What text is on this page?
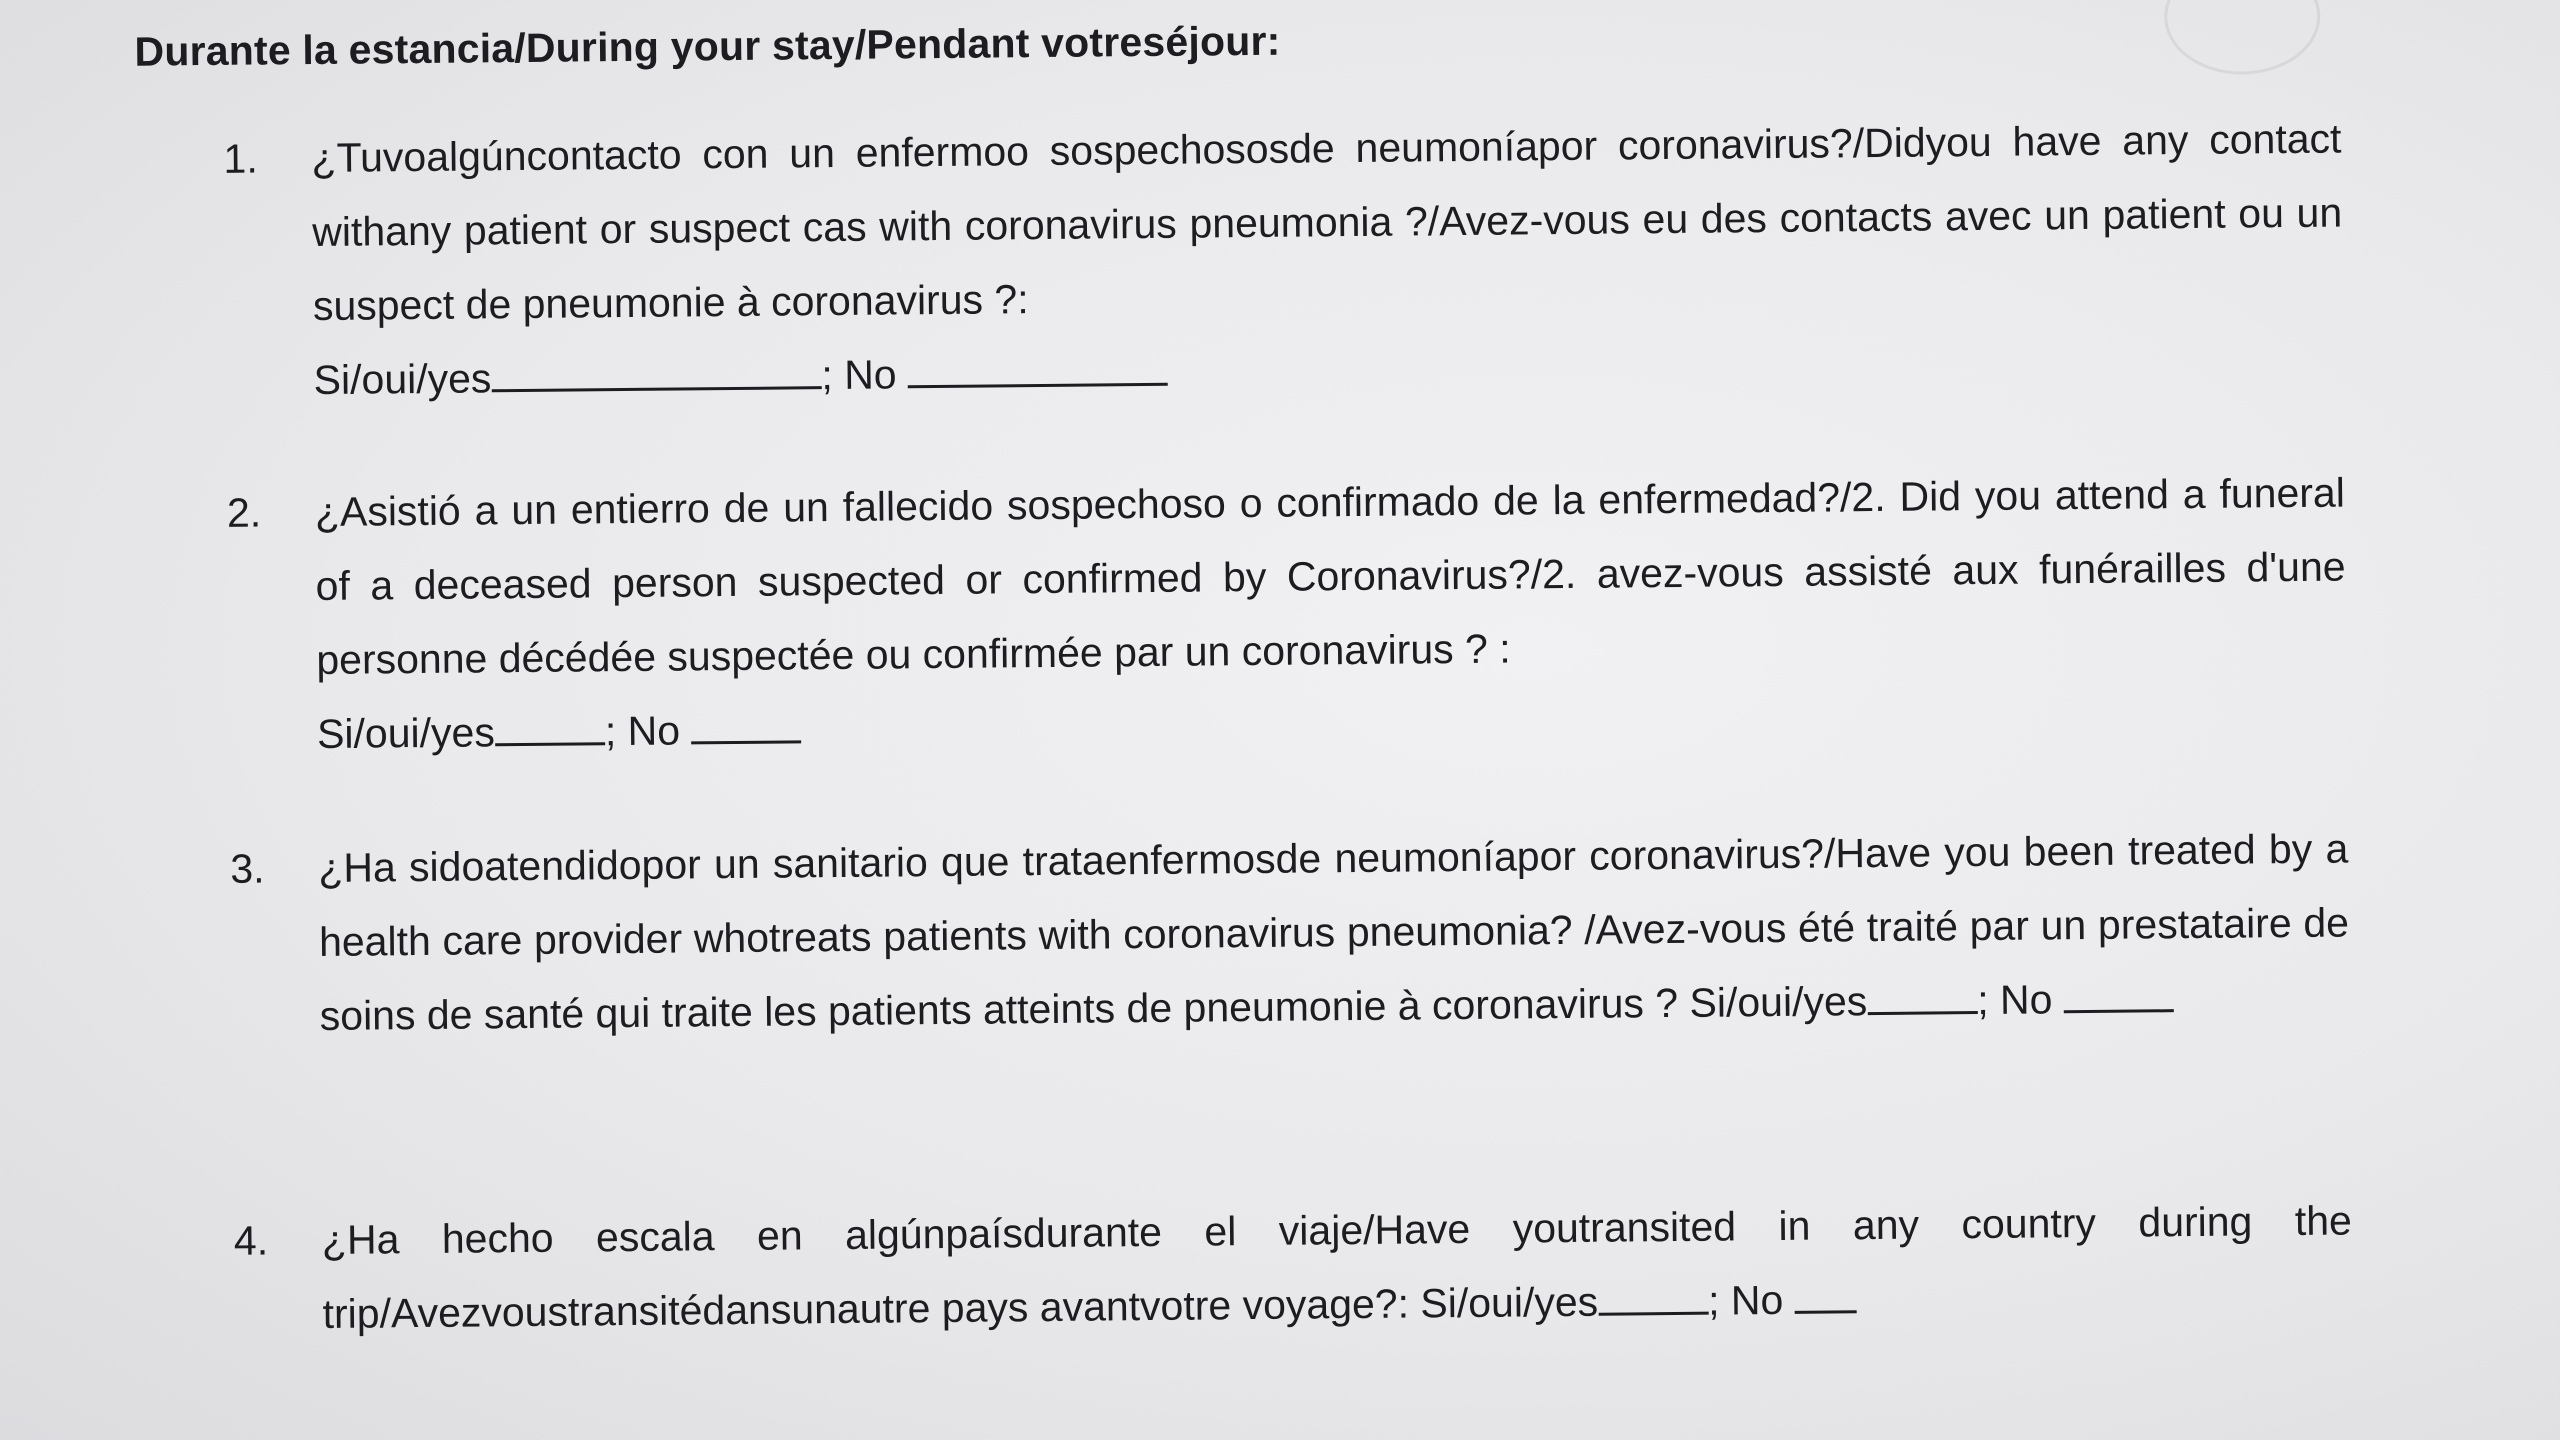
Durante la estancia/During your stay/Pendant votreséjour:
1.	¿Tuvoalgúncontacto con un enfermoo sospechososde neumoníapor coronavirus?/Didyou have any contact withany patient or suspect cas with coronavirus pneumonia ?/Avez-vous eu des contacts avec un patient ou un suspect de pneumonie à coronavirus ?:
Si/oui/yes	; No
2.	¿Asistió a un entierro de un fallecido sospechoso o confirmado de la enfermedad?/2. Did you attend a funeral of a deceased person suspected or confirmed by Coronavirus?/2. avez-vous assisté aux funérailles d'une personne décédée suspectée ou confirmée par un coronavirus ? :
Si/oui/yes	; No
3.	¿Ha sidoatendidopor un sanitario que trataenfermosde neumoníapor coronavirus?/Have you been treated by a health care provider whotreats patients with coronavirus pneumonia? /Avez-vous été traité par un prestataire de soins de santé qui traite les patients atteints de pneumonie à coronavirus ? Si/oui/yes	; No
4.	¿Ha hecho escala en algúnpaísdurante el viaje/Have youtransited in any country during the trip/Avezvoustransitédansunautre pays avantvotre voyage?: Si/oui/yes	; No
